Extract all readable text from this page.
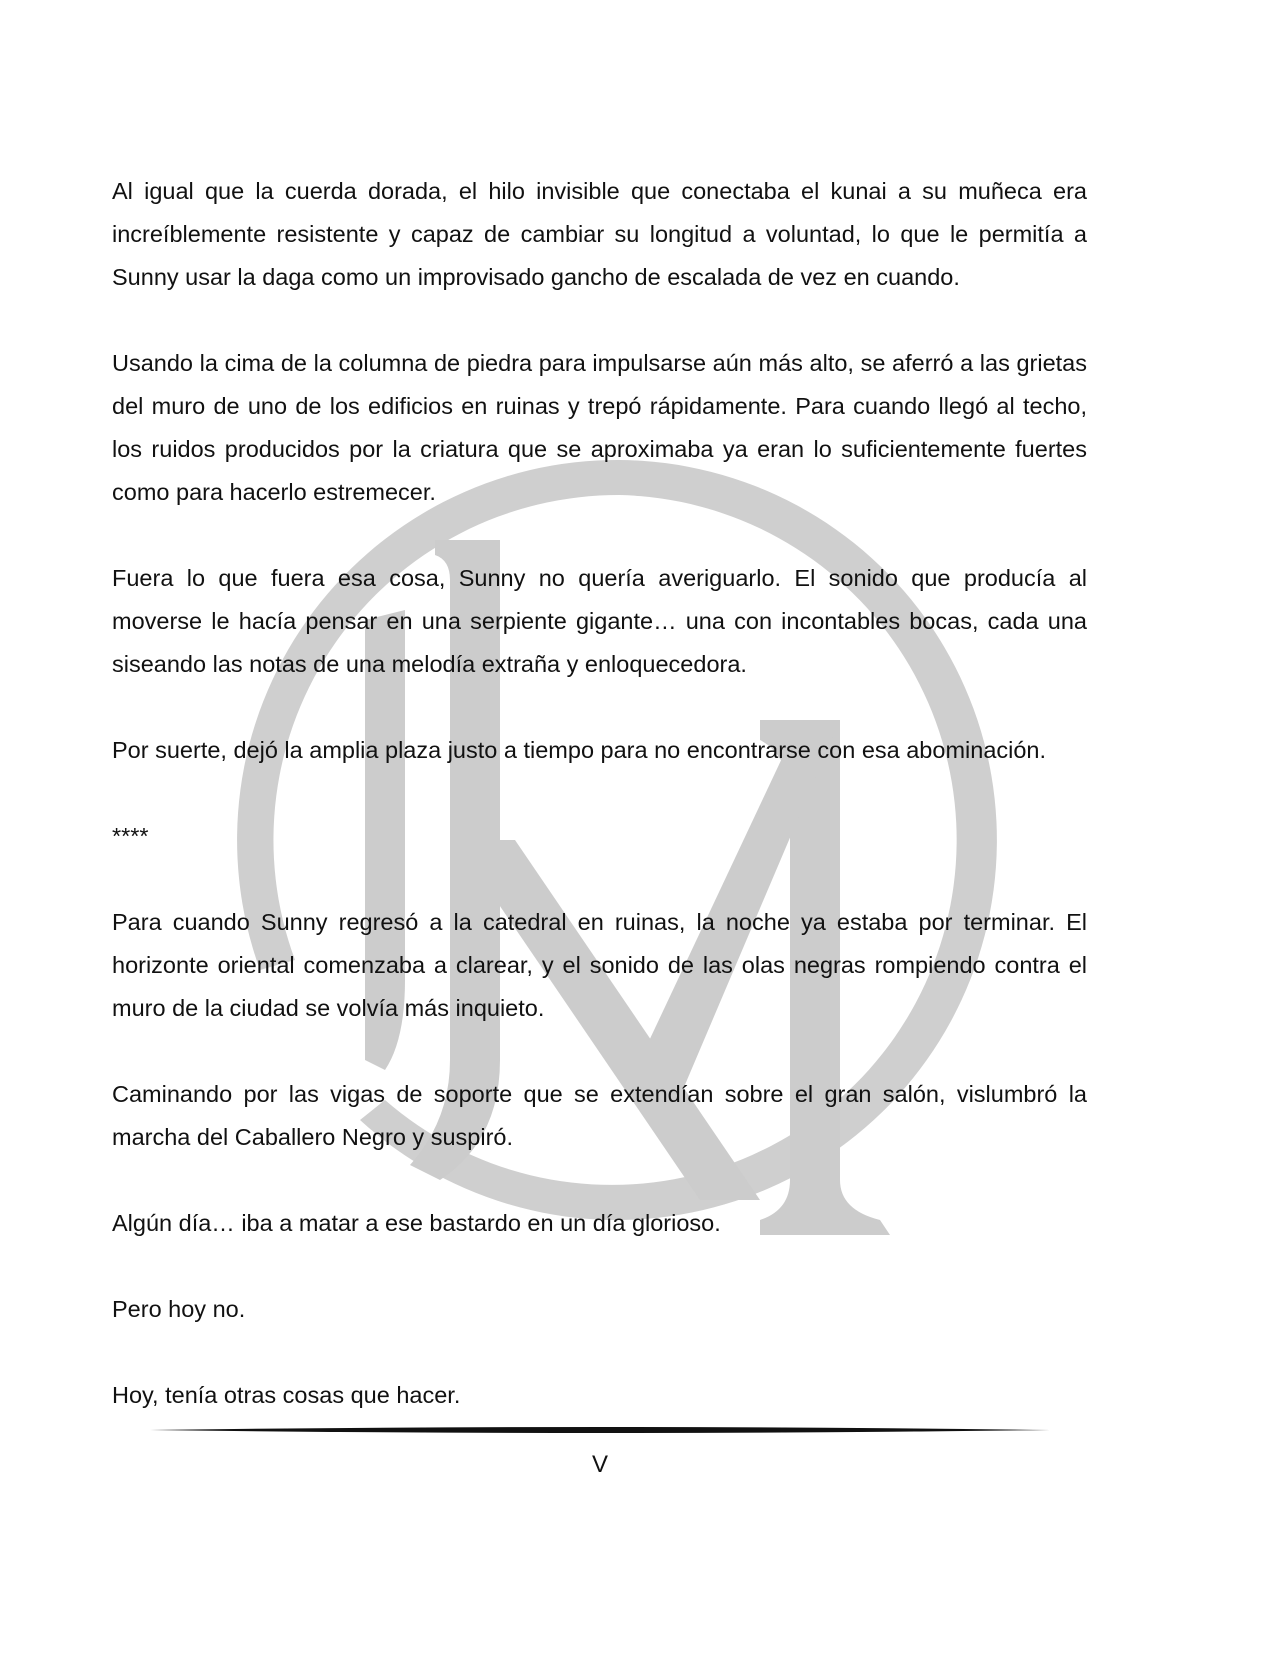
Al igual que la cuerda dorada, el hilo invisible que conectaba el kunai a su muñeca era increíblemente resistente y capaz de cambiar su longitud a voluntad, lo que le permitía a Sunny usar la daga como un improvisado gancho de escalada de vez en cuando.

Usando la cima de la columna de piedra para impulsarse aún más alto, se aferró a las grietas del muro de uno de los edificios en ruinas y trepó rápidamente. Para cuando llegó al techo, los ruidos producidos por la criatura que se aproximaba ya eran lo suficientemente fuertes como para hacerlo estremecer.

Fuera lo que fuera esa cosa, Sunny no quería averiguarlo. El sonido que producía al moverse le hacía pensar en una serpiente gigante… una con incontables bocas, cada una siseando las notas de una melodía extraña y enloquecedora.

Por suerte, dejó la amplia plaza justo a tiempo para no encontrarse con esa abominación.

****

Para cuando Sunny regresó a la catedral en ruinas, la noche ya estaba por terminar. El horizonte oriental comenzaba a clarear, y el sonido de las olas negras rompiendo contra el muro de la ciudad se volvía más inquieto.

Caminando por las vigas de soporte que se extendían sobre el gran salón, vislumbró la marcha del Caballero Negro y suspiró.

Algún día… iba a matar a ese bastardo en un día glorioso.

Pero hoy no.

Hoy, tenía otras cosas que hacer.

V
